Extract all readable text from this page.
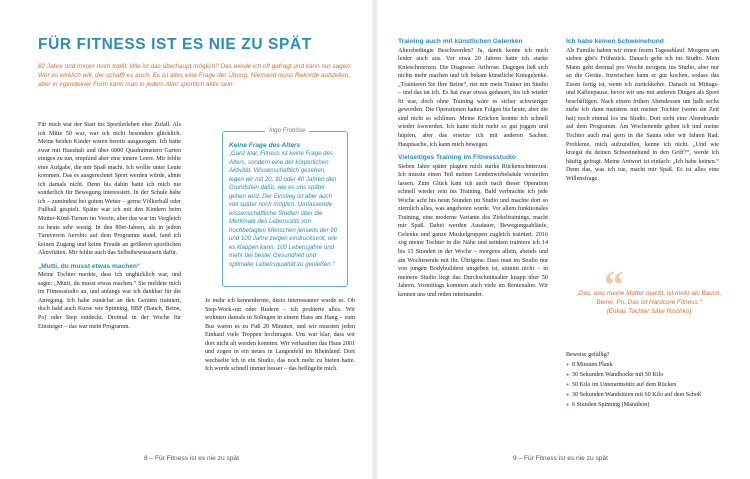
FÜR FITNESS IST ES NIE ZU SPÄT
82 Jahre und immer noch topfit. Wie ist das überhaupt möglich? Das werde ich oft gefragt und kann nur sagen: Wer es wirklich will, der schafft es auch. Es ist alles eine Frage der Übung. Niemand muss Rekorde aufstellen, aber in irgendeiner Form kann man in jedem Alter sportlich aktiv sein.
Für mich war der Start ins Sportlerleben eher Zufall. Als ich Mitte 50 war, war ich nicht besonders glücklich. Meine beiden Kinder waren bereits ausgezogen. Ich hatte zwar mit Haushalt und über 6000 Quadratmetern Garten einiges zu tun, empfand aber eine innere Leere. Mir fehlte eine Aufgabe, die mir Spaß macht. Ich wollte unter Leute kommen. Das es ausgerechnet Sport werden würde, ahnte ich damals nicht. Denn bis dahin hatte ich mich nie sonderlich für Bewegung interessiert. In der Schule habe ich – zumindest bei gutem Wetter – gerne Völkerball oder Fußball gespielt. Später war ich mit den Kindern beim Mutter-Kind-Turnen im Verein, aber das war im Vergleich zu heute sehr wenig. In den 80er-Jahren, als in jedem Turnverein Aerobic auf dem Programm stand, fand ich keinen Zugang und keine Freude an größeren sportlichen Aktivitäten. Mir fehlte auch das Selbstbewusstsein dafür.
„Mutti, du musst etwas machen“
Meine Tochter merkte, dass ich unglücklich war, und sagte: „Mutti, du musst etwas machen.“ Sie meldete mich im Fitnessstudio an, und anfangs war ich dankbar für die Anregung. Ich habe zunächst an den Geräten trainiert, doch bald auch Kurse wie Spinning, BBP (Bauch, Beine, Po) oder Step entdeckt. Dreimal in der Woche für Einsteiger – das war mein Programm.
Ingo Froböse
Keine Frage des Alters
„Ganz klar, Fitness ist keine Frage des Alters, sondern eine der körperlichen Aktivität. Wissenschaftlich gesehen, legen wir mit 20, 30 oder 40 Jahren den Grundstein dafür, wie es uns später gehen wird. Der Einstieg ist aber auch viel später noch möglich. Umfassende wissenschaftliche Studien über die Merkmale des Lebensstils von hochbetagten Menschen jenseits der 90 und 100 Jahre zeigen eindrucksvoll, wie es klappen kann, 100 Lebensjahre und mehr bei bester Gesundheit und optimaler Lebensqualität zu genießen.“
Je mehr ich kennenlernte, desto interessanter wurde es. Ob Step-Work-out oder Rudern – ich probierte alles. Wir wohnten damals in Solingen in einem Haus am Hang – zum Bus waren es zu Fuß 20 Minuten, und wir mussten jeden Einkauf viele Treppen hochtragen. Uns war klar, dass wir dort nicht alt werden konnten. Wir verkauften das Haus 2001 und zogen in ein neues in Langenfeld im Rheinland. Dort wechselte ich in ein Studio, das noch mehr zu bieten hatte. Ich wurde schnell immer besser – das beflügelte mich.
8 – Für Fitness ist es nie zu spät
Training auch mit künstlichen Gelenken
Altersbedingte Beschwerden? Ja, damit kenne ich mich leider auch aus. Vor etwa 20 Jahren hatte ich starke Knieschmerzen. Die Diagnose: Arthrose. Dagegen ließ sich nichts mehr machen und ich bekam künstliche Kniegelenke. „Trainieren Sie Ihre Beine“, riet mir mein Trainer im Studio – und das tat ich. Es hat zwar etwas gedauert, bis ich wieder fit war, doch ohne Training wäre es sicher schwieriger geworden. Die Operationen hatten Folgen bis heute, aber die sind nicht so schlimm. Meine Krücken konnte ich schnell wieder loswerden. Ich kann nicht mehr so gut joggen und hüpfen, aber das ersetze ich mit anderen Sachen. Hauptsache, ich kann mich bewegen.
Vielseitiges Training im Fitnessstudio
Sieben Jahre später plagten mich starke Rückenschmerzen. Ich musste einen Teil meiner Lendenwirbelsäule versteifen lassen. Zum Glück kam ich auch nach dieser Operation schnell wieder rein ins Training. Bald verbrachte ich jede Woche acht bis neun Stunden im Studio und machte dort so ziemlich alles, was angeboten wurde. Vor allem funktionales Training, eine moderne Variante des Zirkeltrainings, macht mir Spaß. Dabei werden Ausdauer, Bewegungsabläufe, Gelenke und ganze Muskelgruppen zugleich trainiert. 2016 zog meine Tochter in die Nähe und seitdem trainiere ich 14 bis 15 Stunden in der Woche – morgens allein, abends und am Wochenende mit ihr. Übrigens: Dass man im Studio nur von jungen Bodybuildern umgeben ist, stimmt nicht – in meinem Studio liegt das Durchschnittsalter knapp über 50 Jahren. Vormittags kommen auch viele im Rentenalter. Wir kennen uns und reden miteinander.
Ich habe keinen Schweinehund
Als Familie haben wir einen festen Tagesablauf. Morgens um sieben gibt's Frühstück. Danach gehe ich ins Studio. Mein Mann geht dreimal pro Woche morgens ins Studio, aber nur an die Geräte. Inzwischen kann er gut kochen, sodass das Essen fertig ist, wenn ich zurückkehre. Danach ist Mittags- und Kaffeepause, bevor wir uns mit anderen Dingen als Sport beschäftigen. Nach einem frühen Abendessen um halb sechs ziehe ich dann meistens mit meiner Tochter (wenn sie Zeit hat) noch einmal los ins Studio. Dort steht eine Abendrunde auf dem Programm. Am Wochenende gehen ich und meine Tochter auch mal gern in die Sauna oder wir fahren Rad. Probleme, mich aufzuraffen, kenne ich nicht. „Und wie kriegst du deinen Schweinehund in den Griff?“, werde ich häufig gefragt. Meine Antwort ist einfach: „Ich habe keinen.“ Denn das, was ich tue, macht mir Spaß. Es ist alles eine Willensfrage.
“
„Das, was meine Mutter macht, ist mehr als Bauch, Beine, Po. Das ist Hardcore Fitness.“
(Enkas Tochter Silke Rischko)
Beweise gefällig?
● 8 Minuten Plank
● 30 Sekunden Wandhocke mit 50 Kilo
● 50 Kilo im Unterarmstütz auf dem Rücken
● 30 Sekunden Wandsitzen mit 60 Kilo auf dem Schoß
● 6 Stunden Spinning (Marathon)
9 – Für Fitness ist es nie zu spät
